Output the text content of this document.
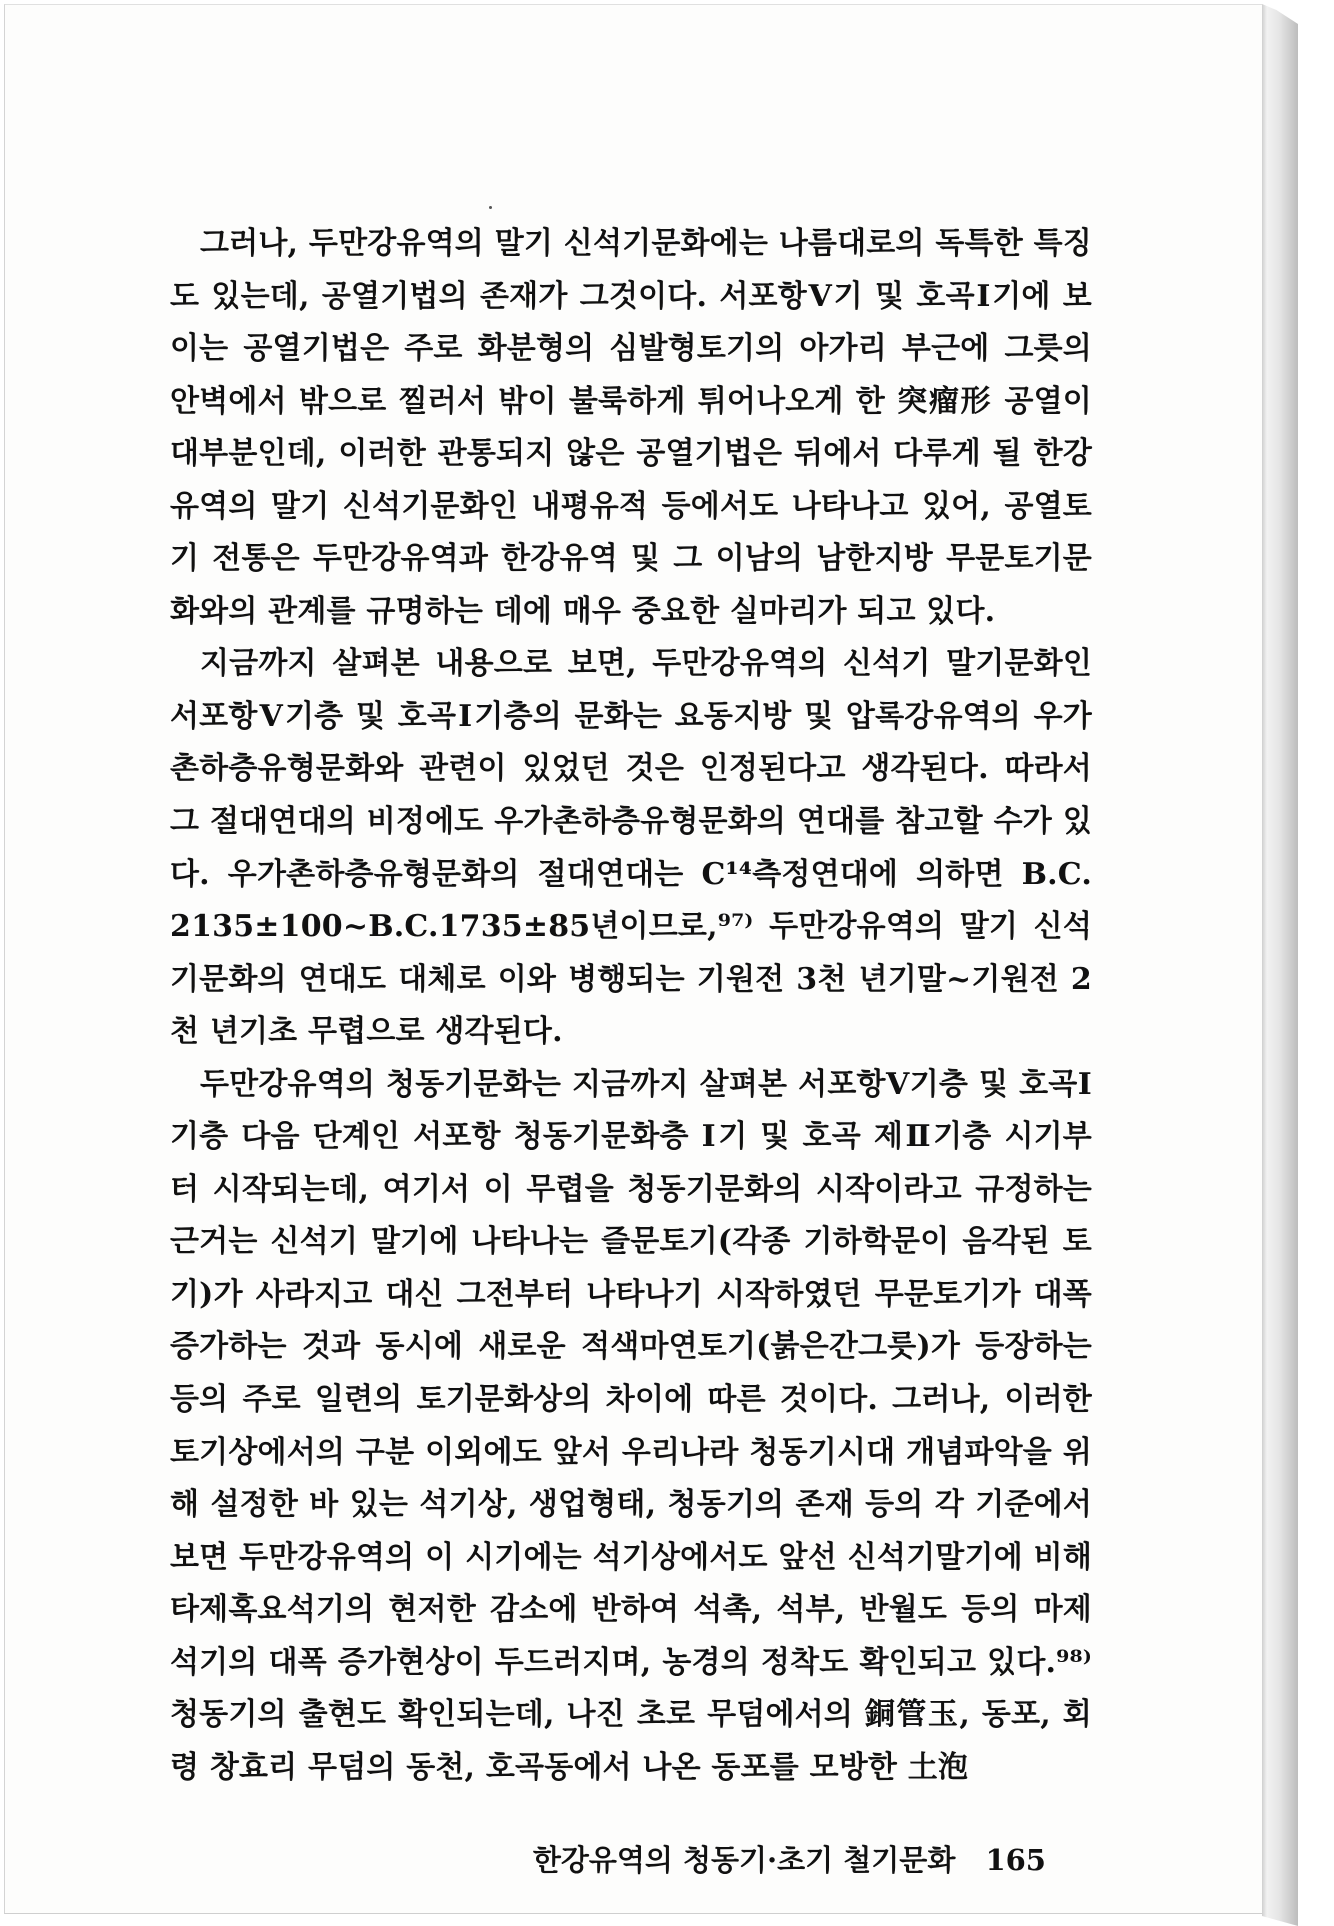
그러나, 두만강유역의 말기 신석기문화에는 나름대로의 독특한 특징도 있는데, 공열기법의 존재가 그것이다. 서포항Ⅴ기 및 호곡Ⅰ기에 보이는 공열기법은 주로 화분형의 심발형토기의 아가리 부근에 그릇의 안벽에서 밖으로 찔러서 밖이 불룩하게 튀어나오게 한 突瘤形 공열이 대부분인데, 이러한 관통되지 않은 공열기법은 뒤에서 다루게 될 한강유역의 말기 신석기문화인 내평유적 등에서도 나타나고 있어, 공열토기 전통은 두만강유역과 한강유역 및 그 이남의 남한지방 무문토기문화와의 관계를 규명하는 데에 매우 중요한 실마리가 되고 있다.

지금까지 살펴본 내용으로 보면, 두만강유역의 신석기 말기문화인 서포항Ⅴ기층 및 호곡Ⅰ기층의 문화는 요동지방 및 압록강유역의 우가촌하층유형문화와 관련이 있었던 것은 인정된다고 생각된다. 따라서 그 절대연대의 비정에도 우가촌하층유형문화의 연대를 참고할 수가 있다. 우가촌하층유형문화의 절대연대는 C¹⁴측정연대에 의하면 B.C. 2135±100~B.C.1735±85년이므로,⁹⁷⁾ 두만강유역의 말기 신석기문화의 연대도 대체로 이와 병행되는 기원전 3천 년기말~기원전 2천 년기초 무렵으로 생각된다.

두만강유역의 청동기문화는 지금까지 살펴본 서포항Ⅴ기층 및 호곡Ⅰ기층 다음 단계인 서포항 청동기문화층 Ⅰ기 및 호곡 제Ⅱ기층 시기부터 시작되는데, 여기서 이 무렵을 청동기문화의 시작이라고 규정하는 근거는 신석기 말기에 나타나는 즐문토기(각종 기하학문이 음각된 토기)가 사라지고 대신 그전부터 나타나기 시작하였던 무문토기가 대폭 증가하는 것과 동시에 새로운 적색마연토기(붉은간그릇)가 등장하는 등의 주로 일련의 토기문화상의 차이에 따른 것이다. 그러나, 이러한 토기상에서의 구분 이외에도 앞서 우리나라 청동기시대 개념파악을 위해 설정한 바 있는 석기상, 생업형태, 청동기의 존재 등의 각 기준에서 보면 두만강유역의 이 시기에는 석기상에서도 앞선 신석기말기에 비해 타제혹요석기의 현저한 감소에 반하여 석촉, 석부, 반월도 등의 마제석기의 대폭 증가현상이 두드러지며, 농경의 정착도 확인되고 있다.⁹⁸⁾ 청동기의 출현도 확인되는데, 나진 초로 무덤에서의 銅管玉, 동포, 회령 창효리 무덤의 동천, 호곡동에서 나온 동포를 모방한 土泡

한강유역의 청동기·초기 철기문화 165
